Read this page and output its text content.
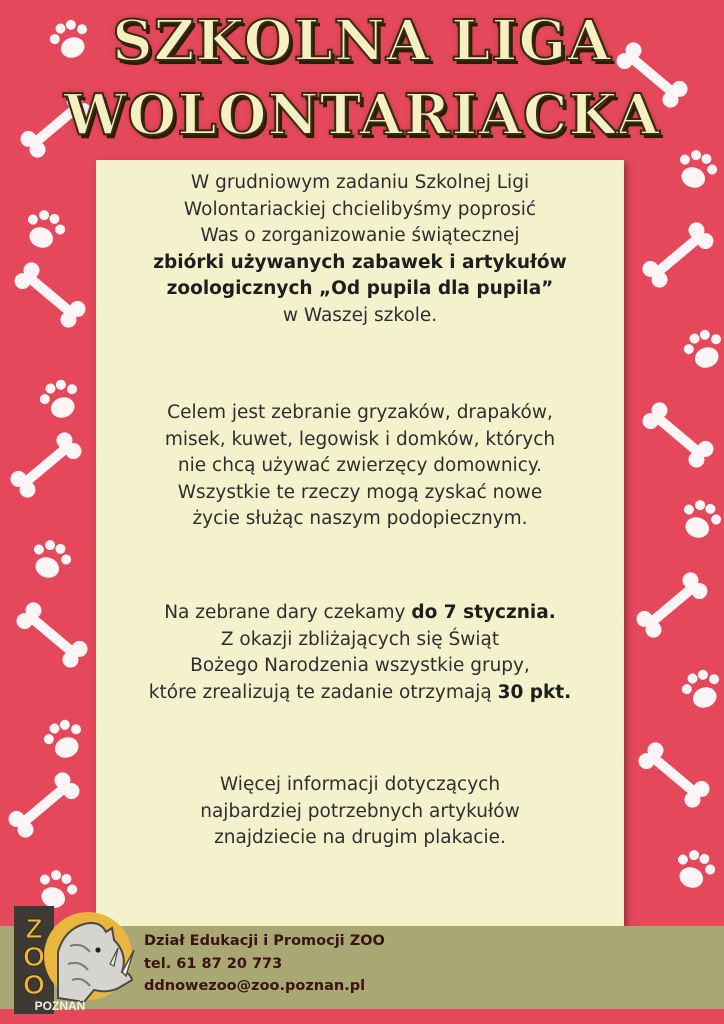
SZKOLNA LIGA
WOLONTARIACKA

W grudniowym zadaniu Szkolnej Ligi
Wolontariackiej chcielibyśmy poprosić
Was o zorganizowanie świątecznej
zbiórki używanych zabawek i artykułów
zoologicznych „Od pupila dla pupila”
w Waszej szkole.

Celem jest zebranie gryzaków, drapaków,
misek, kuwet, legowisk i domków, których
nie chcą używać zwierzęcy domownicy.
Wszystkie te rzeczy mogą zyskać nowe
życie służąc naszym podopiecznym.

Na zebrane dary czekamy do 7 stycznia.
Z okazji zbliżających się Świąt
Bożego Narodzenia wszystkie grupy,
które zrealizują te zadanie otrzymają 30 pkt.

Więcej informacji dotyczących
najbardziej potrzebnych artykułów
znajdziecie na drugim plakacie.

Dział Edukacji i Promocji ZOO
tel. 61 87 20 773
ddnowezoo@zoo.poznan.pl

Z
O
O
POZNAŃ
